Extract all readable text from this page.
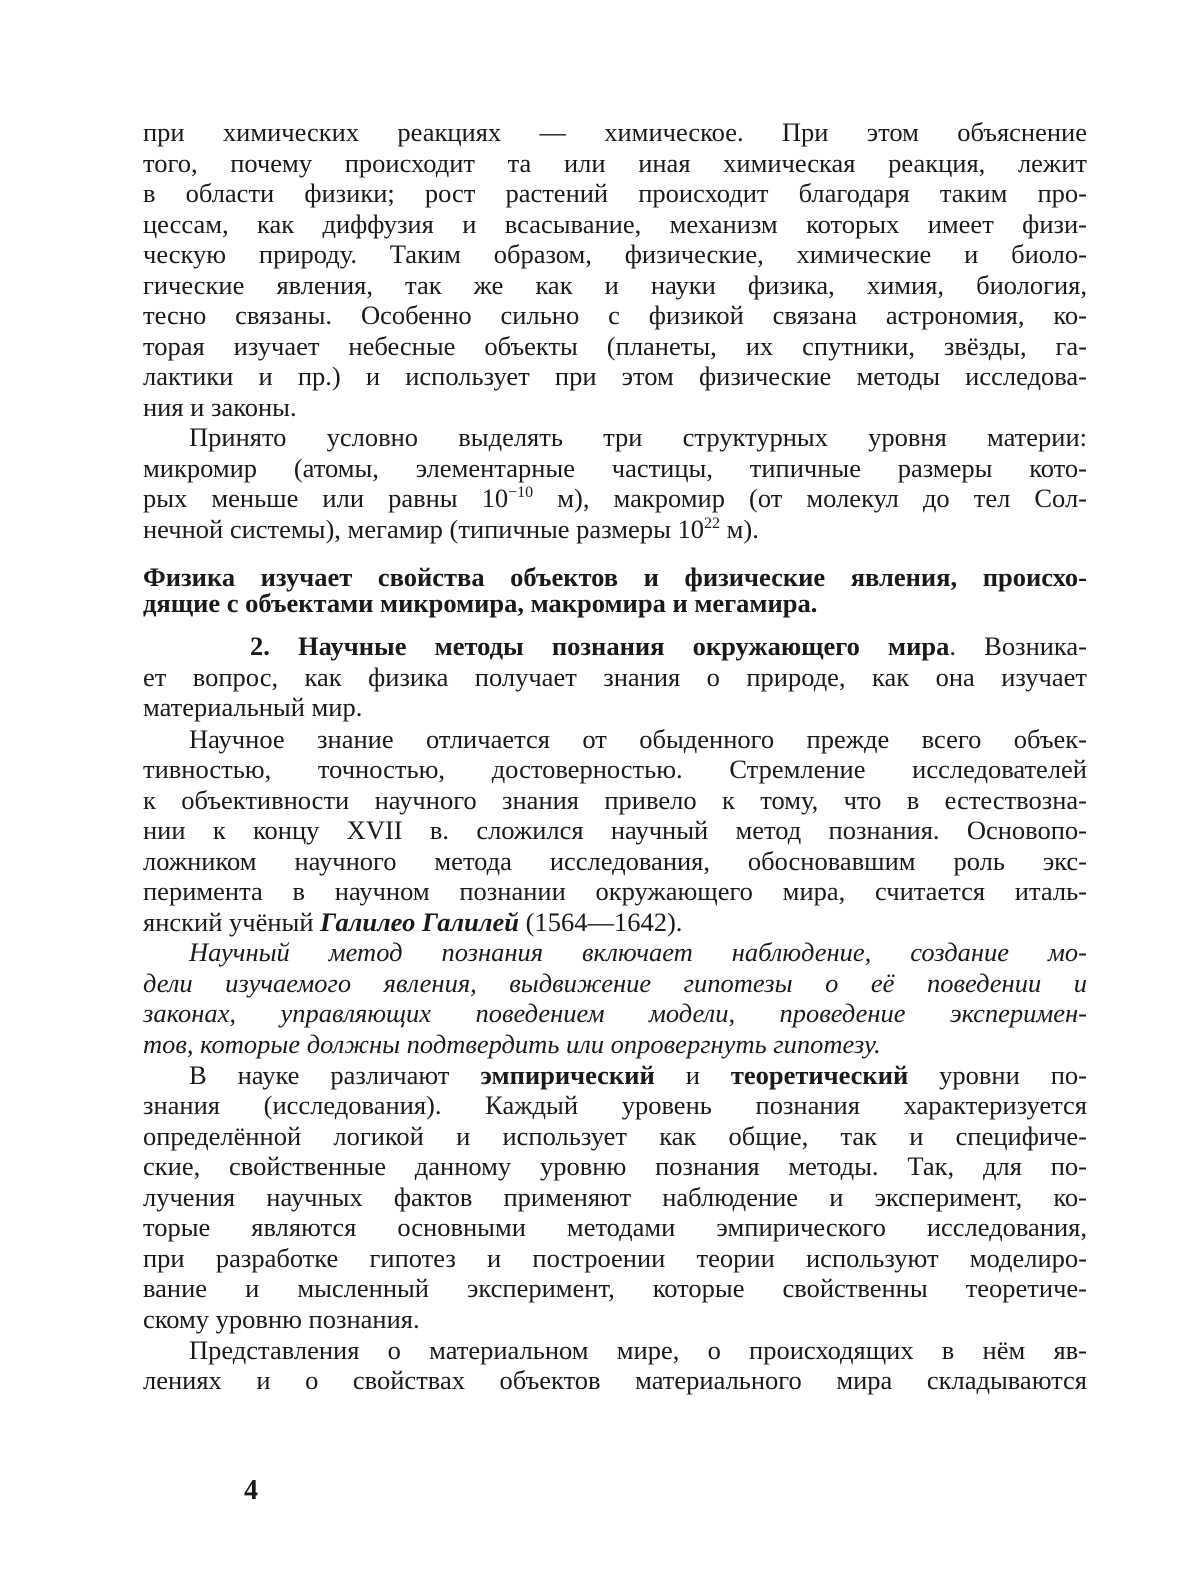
при химических реакциях — химическое. При этом объяснение
того, почему происходит та или иная химическая реакция, лежит
в области физики; рост растений происходит благодаря таким про-
цессам, как диффузия и всасывание, механизм которых имеет физи-
ческую природу. Таким образом, физические, химические и биоло-
гические явления, так же как и науки физика, химия, биология,
тесно связаны. Особенно сильно с физикой связана астрономия, ко-
торая изучает небесные объекты (планеты, их спутники, звёзды, га-
лактики и пр.) и использует при этом физические методы исследова-
ния и законы.
Принято условно выделять три структурных уровня материи:
микромир (атомы, элементарные частицы, типичные размеры кото-
рых меньше или равны $10^{-10}$ м), макромир (от молекул до тел Сол-
нечной системы), мегамир (типичные размеры $10^{22}$ м).
Физика изучает свойства объектов и физические явления, происхо-
дящие с объектами микромира, макромира и мегамира.
2. Научные методы познания окружающего мира. Возника-
ет вопрос, как физика получает знания о природе, как она изучает
материальный мир.
Научное знание отличается от обыденного прежде всего объек-
тивностью, точностью, достоверностью. Стремление исследователей
к объективности научного знания привело к тому, что в естествозна-
нии к концу XVII в. сложился научный метод познания. Основопо-
ложником научного метода исследования, обосновавшим роль экс-
перимента в научном познании окружающего мира, считается италь-
янский учёный Галилео Галилей (1564—1642).
Научный метод познания включает наблюдение, создание мо-
дели изучаемого явления, выдвижение гипотезы о её поведении и
законах, управляющих поведением модели, проведение эксперимен-
тов, которые должны подтвердить или опровергнуть гипотезу.
В науке различают эмпирический и теоретический уровни по-
знания (исследования). Каждый уровень познания характеризуется
определённой логикой и использует как общие, так и специфиче-
ские, свойственные данному уровню познания методы. Так, для по-
лучения научных фактов применяют наблюдение и эксперимент, ко-
торые являются основными методами эмпирического исследования,
при разработке гипотез и построении теории используют моделиро-
вание и мысленный эксперимент, которые свойственны теоретиче-
скому уровню познания.
Представления о материальном мире, о происходящих в нём яв-
лениях и о свойствах объектов материального мира складываются
4
